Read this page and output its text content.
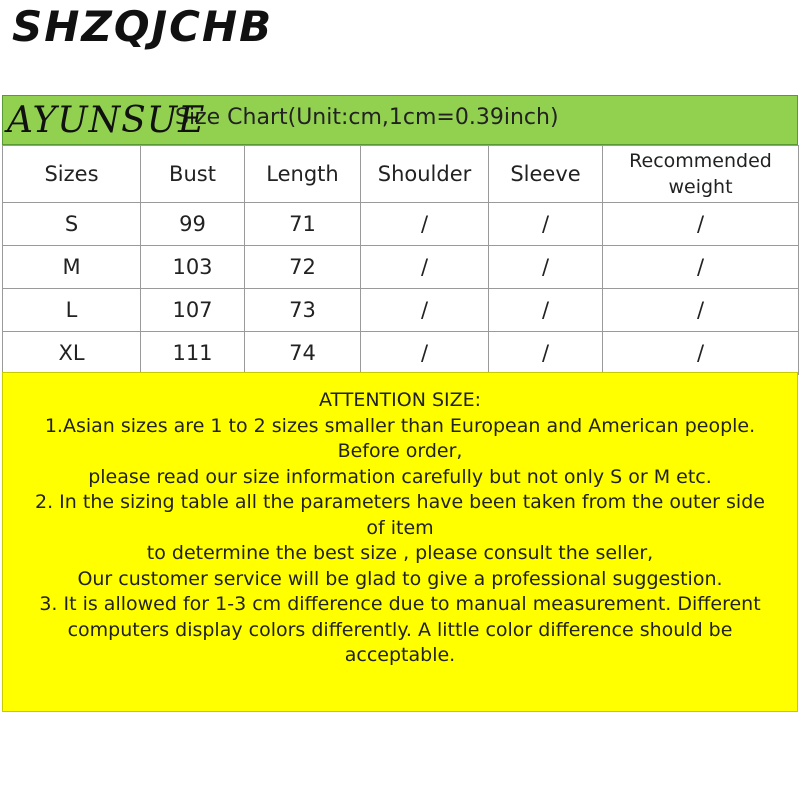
SHZQJCHB
Size Chart(Unit:cm,1cm=0.39inch)
AYUNSUE
Sizes	Bust	Length	Shoulder	Sleeve	Recommended weight
S	99	71	/	/	/
M	103	72	/	/	/
L	107	73	/	/	/
XL	111	74	/	/	/
ATTENTION SIZE:
1.Asian sizes are 1 to 2 sizes smaller than European and American people.
Before order,
please read our size information carefully but not only S or M etc.
2. In the sizing table all the parameters have been taken from the outer side
of item
to determine the best size , please consult the seller,
Our customer service will be glad to give a professional suggestion.
3. It is allowed for 1-3 cm difference due to manual measurement. Different
computers display colors differently. A little color difference should be
acceptable.
